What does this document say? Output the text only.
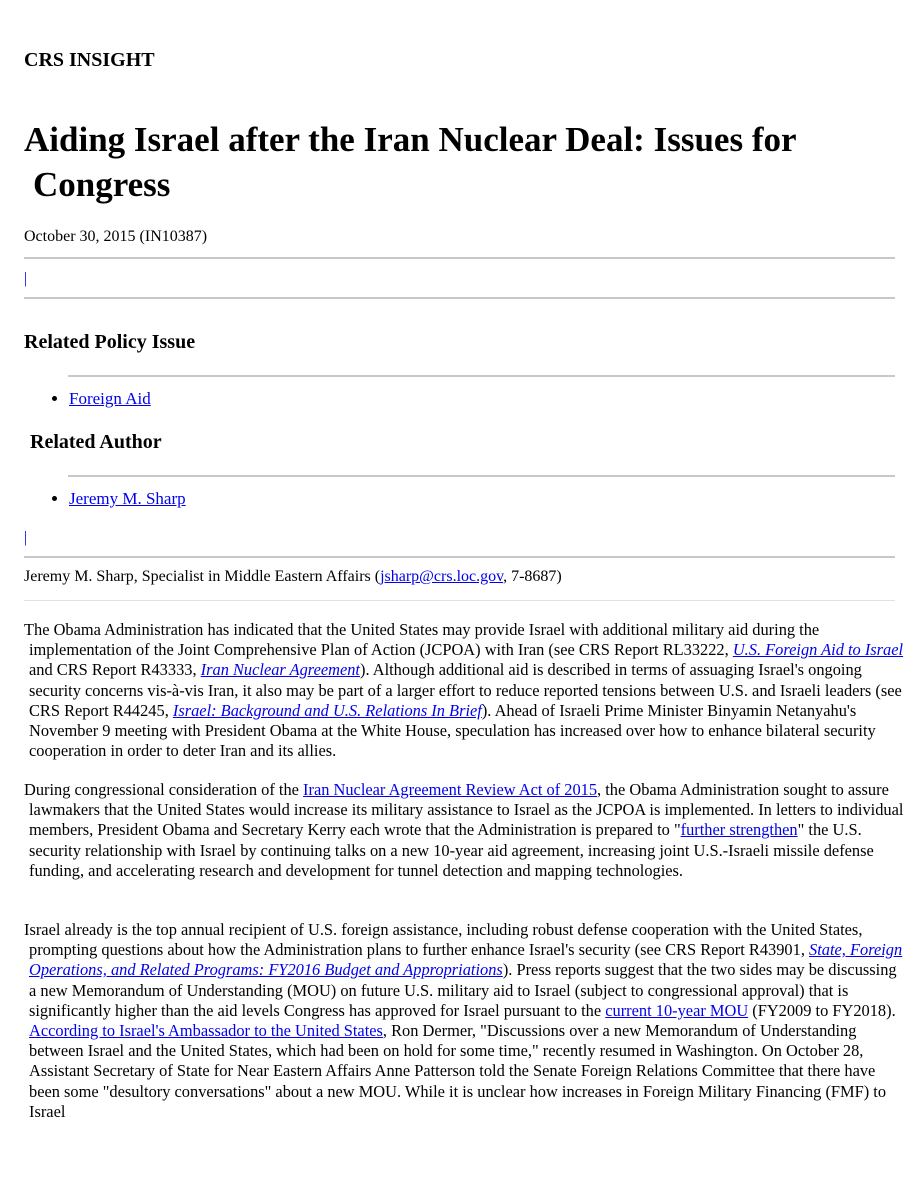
CRS INSIGHT
Aiding Israel after the Iran Nuclear Deal: Issues for
Congress
October 30, 2015 (IN10387)
|
Related Policy Issue
• Foreign Aid
Related Author
• Jeremy M. Sharp
|
Jeremy M. Sharp, Specialist in Middle Eastern Affairs (jsharp@crs.loc.gov, 7-8687)

The Obama Administration has indicated that the United States may provide Israel with additional military aid during the implementation of the Joint Comprehensive Plan of Action (JCPOA) with Iran (see CRS Report RL33222, U.S. Foreign Aid to Israel and CRS Report R43333, Iran Nuclear Agreement). Although additional aid is described in terms of assuaging Israel's ongoing security concerns vis-à-vis Iran, it also may be part of a larger effort to reduce reported tensions between U.S. and Israeli leaders (see CRS Report R44245, Israel: Background and U.S. Relations In Brief). Ahead of Israeli Prime Minister Binyamin Netanyahu's November 9 meeting with President Obama at the White House, speculation has increased over how to enhance bilateral security cooperation in order to deter Iran and its allies.

During congressional consideration of the Iran Nuclear Agreement Review Act of 2015, the Obama Administration sought to assure lawmakers that the United States would increase its military assistance to Israel as the JCPOA is implemented. In letters to individual members, President Obama and Secretary Kerry each wrote that the Administration is prepared to "further strengthen" the U.S. security relationship with Israel by continuing talks on a new 10-year aid agreement, increasing joint U.S.-Israeli missile defense funding, and accelerating research and development for tunnel detection and mapping technologies.

Israel already is the top annual recipient of U.S. foreign assistance, including robust defense cooperation with the United States, prompting questions about how the Administration plans to further enhance Israel's security (see CRS Report R43901, State, Foreign Operations, and Related Programs: FY2016 Budget and Appropriations). Press reports suggest that the two sides may be discussing a new Memorandum of Understanding (MOU) on future U.S. military aid to Israel (subject to congressional approval) that is significantly higher than the aid levels Congress has approved for Israel pursuant to the current 10-year MOU (FY2009 to FY2018). According to Israel's Ambassador to the United States, Ron Dermer, "Discussions over a new Memorandum of Understanding between Israel and the United States, which had been on hold for some time," recently resumed in Washington. On October 28, Assistant Secretary of State for Near Eastern Affairs Anne Patterson told the Senate Foreign Relations Committee that there have been some "desultory conversations" about a new MOU. While it is unclear how increases in Foreign Military Financing (FMF) to Israel
